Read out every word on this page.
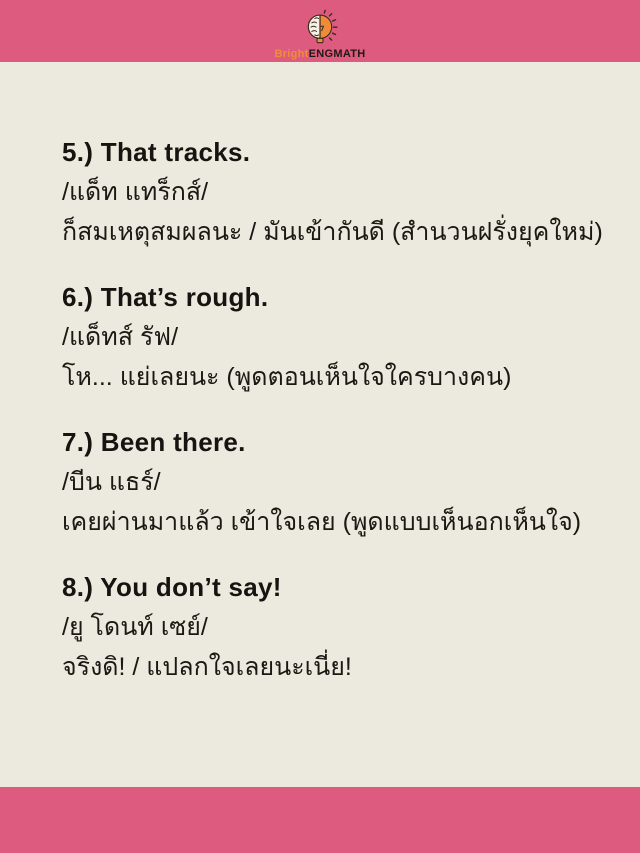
BrightENGMATH
5.) That tracks.
/แด็ท แทร็กส์/
ก็สมเหตุสมผลนะ / มันเข้ากันดี (สำนวนฝรั่งยุคใหม่)
6.) That’s rough.
/แด็ทส์ รัฟ/
โห... แย่เลยนะ (พูดตอนเห็นใจใครบางคน)
7.) Been there.
/บีน แธร์/
เคยผ่านมาแล้ว เข้าใจเลย (พูดแบบเห็นอกเห็นใจ)
8.) You don’t say!
/ยู โดนท์ เซย์/
จริงดิ! / แปลกใจเลยนะเนี่ย!
